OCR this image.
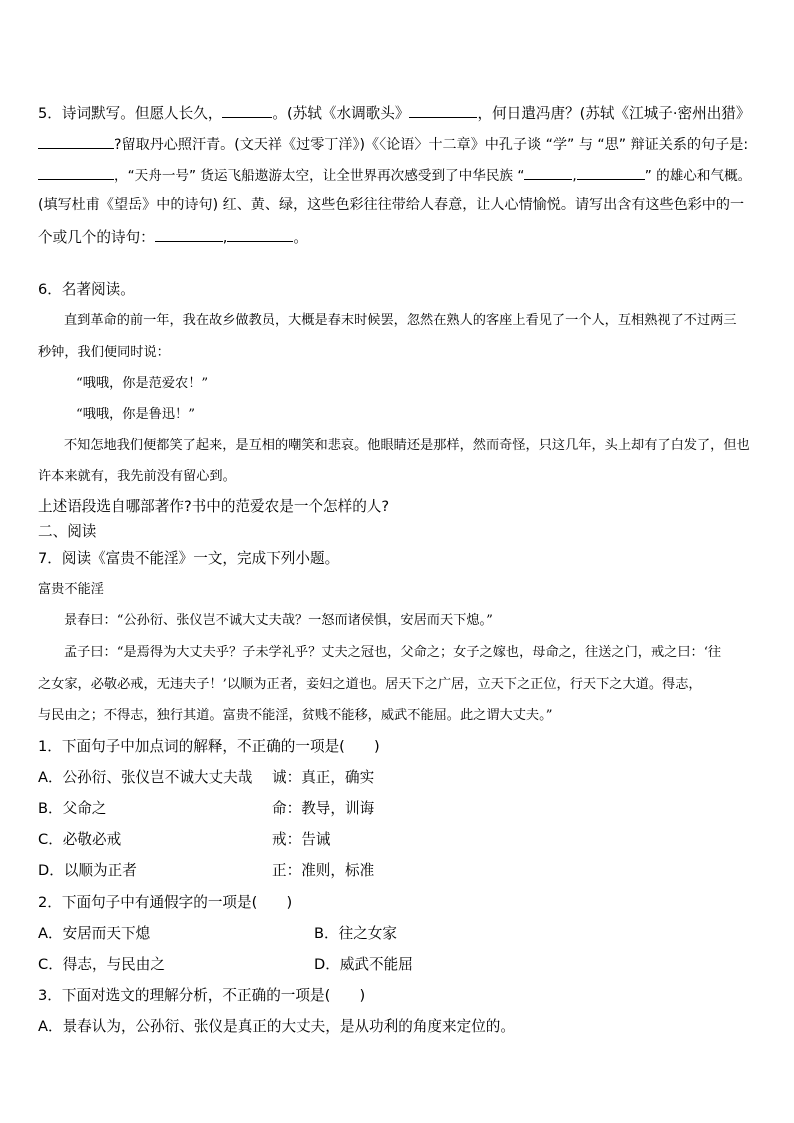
5．诗词默写。但愿人长久，	。(苏轼《水调歌头》	，何日遣冯唐？(苏轼《江城子·密州出猎》
?留取丹心照汗青。(文天祥《过零丁洋》)《〈论语〉十二章》中孔子谈 “学” 与 “思” 辩证关系的句子是:
，“天舟一号” 货运飞船遨游太空，让全世界再次感受到了中华民族 “	,	” 的雄心和气概。
(填写杜甫《望岳》中的诗句) 红、黄、绿，这些色彩往往带给人春意，让人心情愉悦。请写出含有这些色彩中的一
个或几个的诗句：	,	。
6．名著阅读。
直到革命的前一年，我在故乡做教员，大概是春末时候罢，忽然在熟人的客座上看见了一个人，互相熟视了不过两三
秒钟，我们便同时说：
“哦哦，你是范爱农！”
“哦哦，你是鲁迅！”
不知怎地我们便都笑了起来，是互相的嘲笑和悲哀。他眼睛还是那样，然而奇怪，只这几年，头上却有了白发了，但也
许本来就有，我先前没有留心到。
上述语段选自哪部著作?书中的范爱农是一个怎样的人?
二、阅读
7．阅读《富贵不能淫》一文，完成下列小题。
富贵不能淫
景春曰：“公孙衍、张仪岂不诚大丈夫哉？一怒而诸侯惧，安居而天下熄。”
孟子曰：“是焉得为大丈夫乎？子未学礼乎？丈夫之冠也，父命之；女子之嫁也，母命之，往送之门，戒之曰：‘往
之女家，必敬必戒，无违夫子！’以顺为正者，妾妇之道也。居天下之广居，立天下之正位，行天下之大道。得志，
与民由之；不得志，独行其道。富贵不能淫，贫贱不能移，威武不能屈。此之谓大丈夫。”
1．下面句子中加点词的解释，不正确的一项是(　　)
A．公孙衍、张仪岂不诚大丈夫哉 诚：真正，确实
B．父命之	命：教导，训诲
C．必敬必戒	戒：告诫
D．以顺为正者	正：准则，标准
2．下面句子中有通假字的一项是(　　)
A．安居而天下熄	B．往之女家
C．得志，与民由之	D．威武不能屈
3．下面对选文的理解分析，不正确的一项是(　　)
A．景春认为，公孙衍、张仪是真正的大丈夫，是从功利的角度来定位的。
